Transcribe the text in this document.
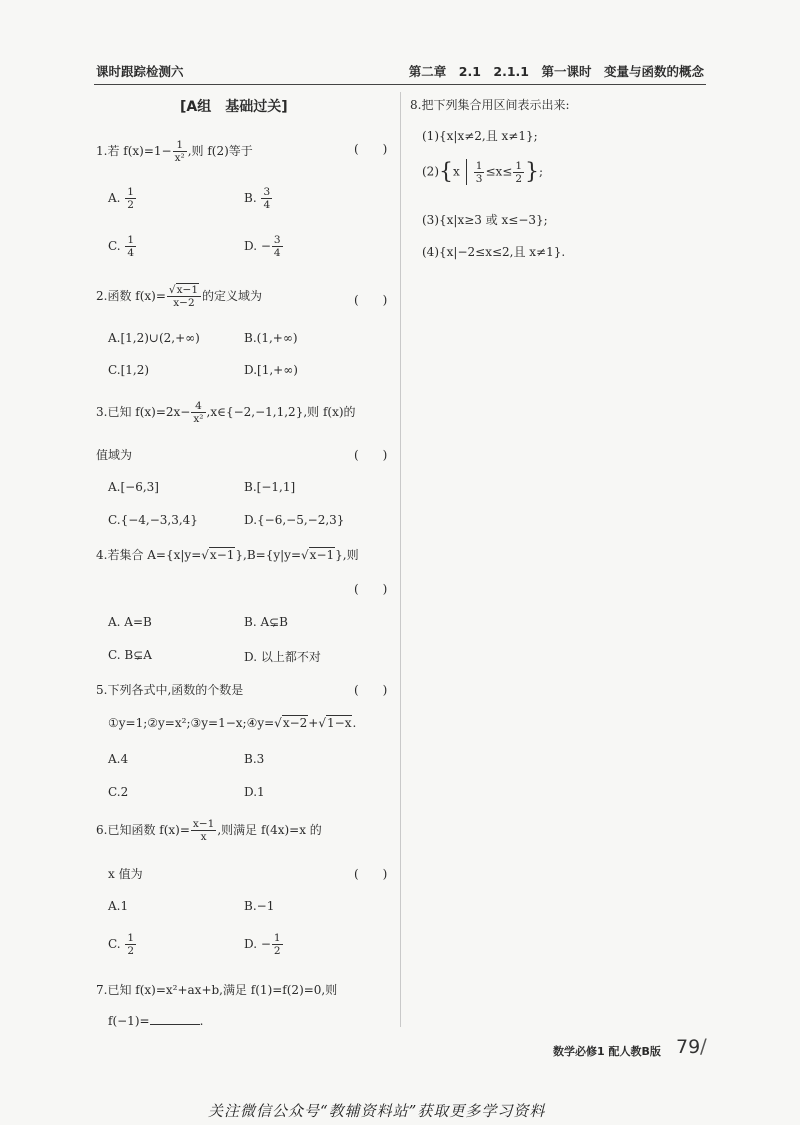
课时跟踪检测六	第二章　2.1　2.1.1　第一课时　变量与函数的概念
[A组　基础过关]
1.若 $f(x)=1- \frac{1}{\text{x²}}$ ,则 f(2)等于	(　　)
A. $\frac{1}{2}$	B. $\frac{3}{4}$
C. $\frac{1}{4}$	D. − $\frac{3}{4}$
2.函数 $f(x)= \frac{√x-1}{x-2}$ 的定义域为	(　　)
A.[1,2)∪(2,+∞)	B.(1,+∞)
C.[1,2)	D.[1,+∞)
3.已知 $f(x)=2x- \frac{4}{\text{x²}}$ ,x∈{−2,−1,1,2},则 f(x)的
值域为	(　　)
A.[−6,3]	B.[−1,1]
C.{−4,−3,3,4}	D.{−6,−5,−2,3}
4.若集合 A={x|y=√x−1},B={y|y=√x−1},则
(　　)
A. A=B	B. A⊊B
C. B⊊A	D. 以上都不对
5.下列各式中,函数的个数是	(　　)
①y=1;②y=x²;③y=1−x;④y=√x−2+√1−x.
A.4	B.3
C.2	D.1
6.已知函数 $f(x)= \frac{x-1}{x}$ ,则满足 f(4x)=x 的
x 值为	(　　)
A.1	B.−1
C. $\frac{1}{2}$	D. − $\frac{1}{2}$
7.已知 f(x)=x²+ax+b,满足 f(1)=f(2)=0,则
f(−1)=	.
8.把下列集合用区间表示出来:
(1){x|x≠2,且 x≠1};
$(2)\{x \frac{1}{3} \le x\le \frac{1}{2}$ };
(3){x|x≥3 或 x≤−3};
(4){x|−2≤x≤2,且 x≠1}.
数学必修1 配人教B版 79 /
关注微信公众号“教辅资料站”获取更多学习资料
